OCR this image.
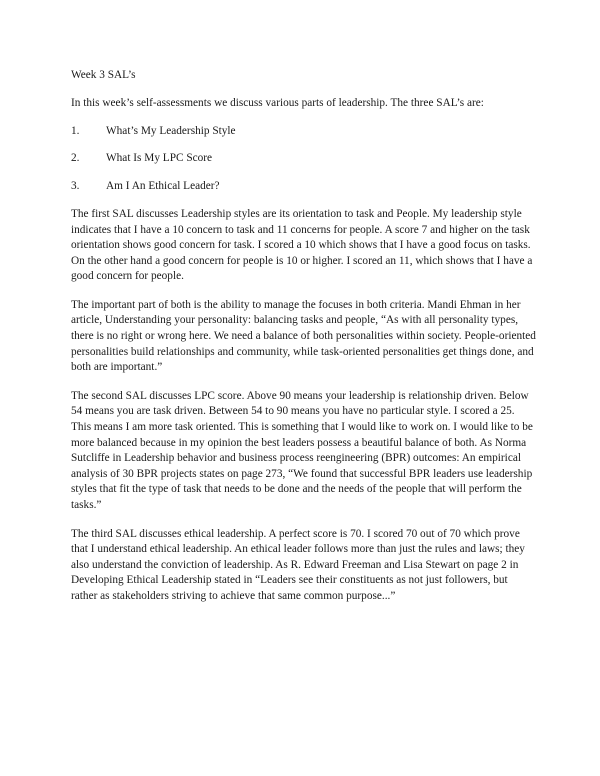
Week 3 SAL’s

In this week’s self-assessments we discuss various parts of leadership. The three SAL’s are:

1.	What’s My Leadership Style
2.	What Is My LPC Score
3.	Am I An Ethical Leader?

The first SAL discusses Leadership styles are its orientation to task and People. My leadership style indicates that I have a 10 concern to task and 11 concerns for people. A score 7 and higher on the task orientation shows good concern for task. I scored a 10 which shows that I have a good focus on tasks. On the other hand a good concern for people is 10 or higher. I scored an 11, which shows that I have a good concern for people.

The important part of both is the ability to manage the focuses in both criteria. Mandi Ehman in her article, Understanding your personality: balancing tasks and people, “As with all personality types, there is no right or wrong here. We need a balance of both personalities within society. People-oriented personalities build relationships and community, while task-oriented personalities get things done, and both are important.”

The second SAL discusses LPC score. Above 90 means your leadership is relationship driven. Below 54 means you are task driven. Between 54 to 90 means you have no particular style. I scored a 25. This means I am more task oriented. This is something that I would like to work on. I would like to be more balanced because in my opinion the best leaders possess a beautiful balance of both. As Norma Sutcliffe in Leadership behavior and business process reengineering (BPR) outcomes: An empirical analysis of 30 BPR projects states on page 273, “We found that successful BPR leaders use leadership styles that fit the type of task that needs to be done and the needs of the people that will perform the tasks.”

The third SAL discusses ethical leadership. A perfect score is 70. I scored 70 out of 70 which prove that I understand ethical leadership. An ethical leader follows more than just the rules and laws; they also understand the conviction of leadership. As R. Edward Freeman and Lisa Stewart on page 2 in Developing Ethical Leadership stated in “Leaders see their constituents as not just followers, but rather as stakeholders striving to achieve that same common purpose...”
